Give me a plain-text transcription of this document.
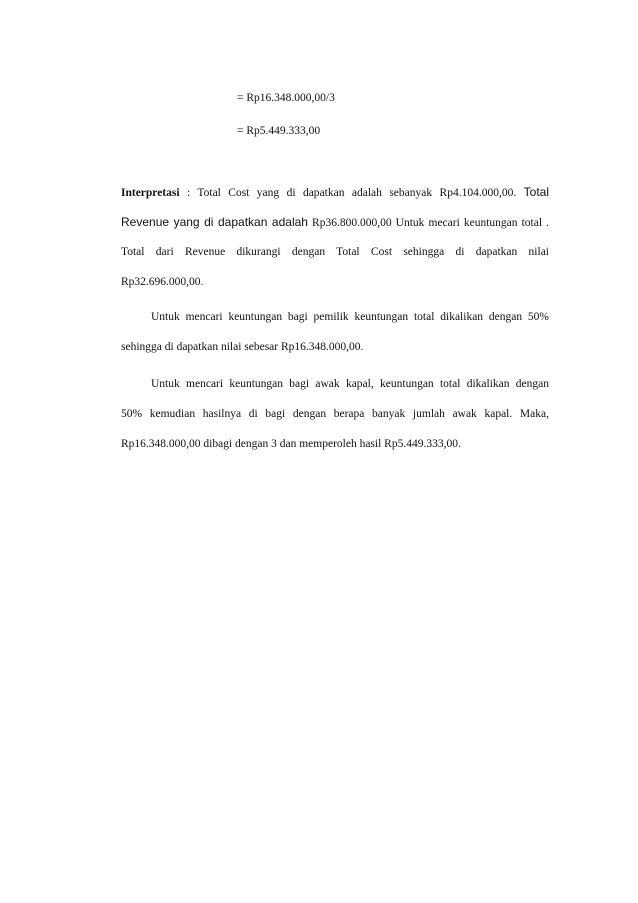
= Rp16.348.000,00/3
= Rp5.449.333,00
Interpretasi : Total Cost yang di dapatkan adalah sebanyak Rp4.104.000,00. Total
Revenue yang di dapatkan adalah Rp36.800.000,00 Untuk mecari keuntungan total .
Total dari Revenue dikurangi dengan Total Cost sehingga di dapatkan nilai
Rp32.696.000,00.
Untuk mencari keuntungan bagi pemilik keuntungan total dikalikan dengan 50%
sehingga di dapatkan nilai sebesar Rp16.348.000,00.
Untuk mencari keuntungan bagi awak kapal, keuntungan total dikalikan dengan
50% kemudian hasilnya di bagi dengan berapa banyak jumlah awak kapal. Maka,
Rp16.348.000,00 dibagi dengan 3 dan memperoleh hasil Rp5.449.333,00.
